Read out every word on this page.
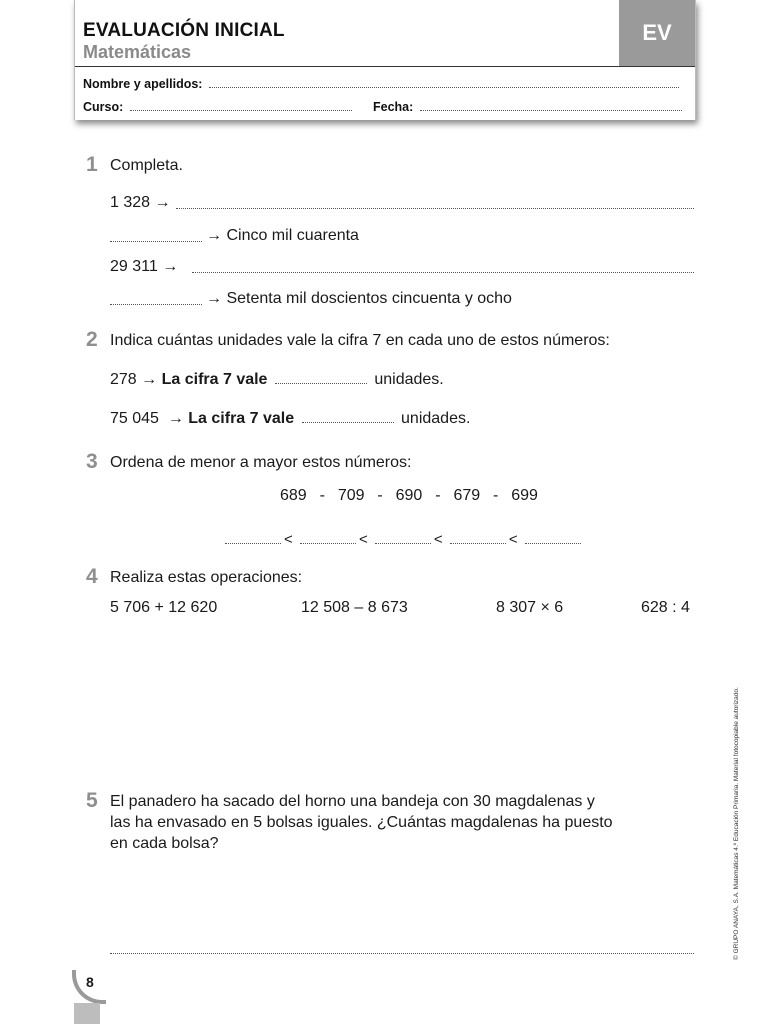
EVALUACIÓN INICIAL
Matemáticas
EV
Nombre y apellidos:
Curso:	Fecha:
1 Completa.
1 328 →
→ Cinco mil cuarenta
29 311 →
→ Setenta mil doscientos cincuenta y ocho
2 Indica cuántas unidades vale la cifra 7 en cada uno de estos números:
278 → La cifra 7 vale	unidades.
75 045 → La cifra 7 vale	unidades.
3 Ordena de menor a mayor estos números:
689 - 709 - 690 - 679 - 699
<	<	<	<
4 Realiza estas operaciones:
5 706 + 12 620	12 508 – 8 673	8 307 × 6	628 : 4
5 El panadero ha sacado del horno una bandeja con 30 magdalenas y
las ha envasado en 5 bolsas iguales. ¿Cuántas magdalenas ha puesto
en cada bolsa?	© GRUPO ANAYA, S.A. Matemáticas 4.º Educación Primaria. Material fotocopiable autorizado.
8
